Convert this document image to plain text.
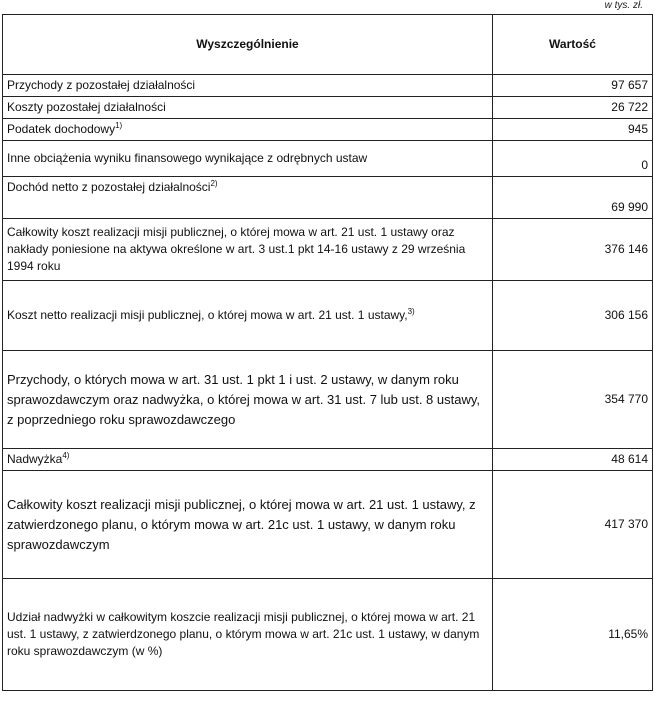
w tys. zł.
Wyszczególnienie	Wartość
Przychody z pozostałej działalności	97 657
Koszty pozostałej działalności	26 722
Podatek dochodowy$^{1)}$	945
Inne obciążenia wyniku finansowego wynikające z odrębnych ustaw	0
Dochód netto z pozostałej działalności$^{2)}$	69 990
Całkowity koszt realizacji misji publicznej, o której mowa w art. 21 ust. 1 ustawy oraz nakłady poniesione na aktywa określone w art. 3 ust.1 pkt 14-16 ustawy z 29 września 1994 roku	376 146
Koszt netto realizacji misji publicznej, o której mowa w art. 21 ust. 1 ustawy,$^{3)}$	306 156
Przychody, o których mowa w art. 31 ust. 1 pkt 1 i ust. 2 ustawy, w danym roku sprawozdawczym oraz nadwyżka, o której mowa w art. 31 ust. 7 lub ust. 8 ustawy, z poprzedniego roku sprawozdawczego	354 770
Nadwyżka$^{4)}$	48 614
Całkowity koszt realizacji misji publicznej, o której mowa w art. 21 ust. 1 ustawy, z zatwierdzonego planu, o którym mowa w art. 21c ust. 1 ustawy, w danym roku sprawozdawczym	417 370
Udział nadwyżki w całkowitym koszcie realizacji misji publicznej, o której mowa w art. 21 ust. 1 ustawy, z zatwierdzonego planu, o którym mowa w art. 21c ust. 1 ustawy, w danym roku sprawozdawczym (w %)	11,65%
